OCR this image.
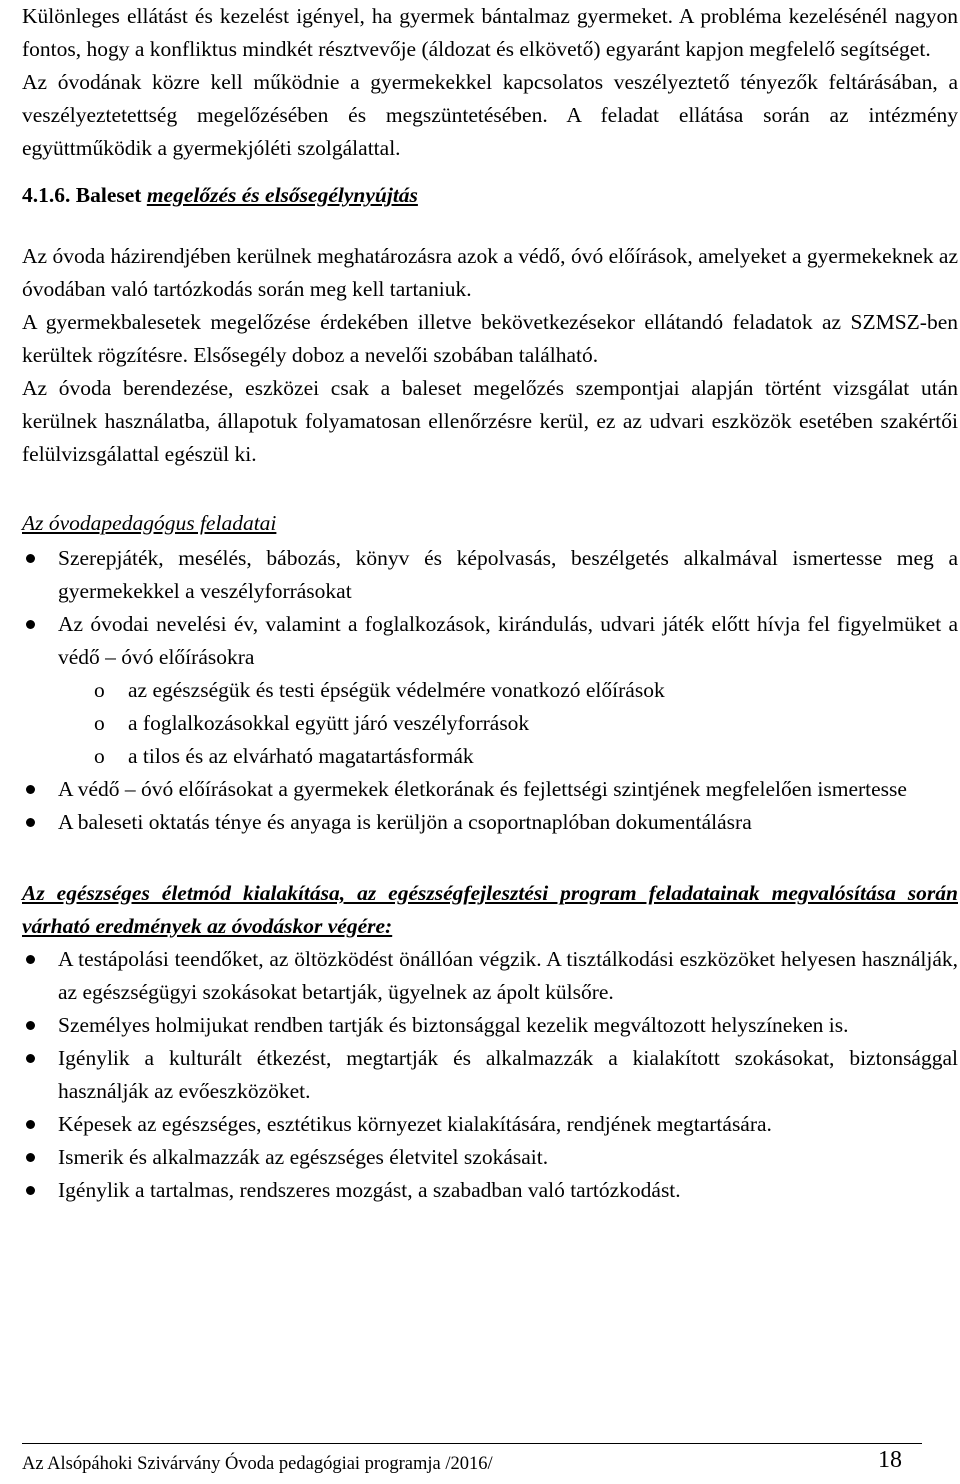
Különleges ellátást és kezelést igényel, ha gyermek bántalmaz gyermeket. A probléma kezelésénél nagyon fontos, hogy a konfliktus mindkét résztvevője (áldozat és elkövető) egyaránt kapjon megfelelő segítséget.

Az óvodának közre kell működnie a gyermekekkel kapcsolatos veszélyeztető tényezők feltárásában, a veszélyeztetettség megelőzésében és megszüntetésében. A feladat ellátása során az intézmény együttműködik a gyermekjóléti szolgálattal.

4.1.6. Baleset megelőzés és elsősegélynyújtás

Az óvoda házirendjében kerülnek meghatározásra azok a védő, óvó előírások, amelyeket a gyermekeknek az óvodában való tartózkodás során meg kell tartaniuk.

A gyermekbalesetek megelőzése érdekében illetve bekövetkezésekor ellátandó feladatok az SZMSZ-ben kerültek rögzítésre. Elsősegély doboz a nevelői szobában található.

Az óvoda berendezése, eszközei csak a baleset megelőzés szempontjai alapján történt vizsgálat után kerülnek használatba, állapotuk folyamatosan ellenőrzésre kerül, ez az udvari eszközök esetében szakértői felülvizsgálattal egészül ki.

Az óvodapedagógus feladatai

Szerepjáték, mesélés, bábozás, könyv és képolvasás, beszélgetés alkalmával ismertesse meg a gyermekekkel a veszélyforrásokat
Az óvodai nevelési év, valamint a foglalkozások, kirándulás, udvari játék előtt hívja fel figyelmüket a védő – óvó előírásokra
o az egészségük és testi épségük védelmére vonatkozó előírások
o a foglalkozásokkal együtt járó veszélyforrások
o a tilos és az elvárható magatartásformák
A védő – óvó előírásokat a gyermekek életkorának és fejlettségi szintjének megfelelően ismertesse
A baleseti oktatás ténye és anyaga is kerüljön a csoportnaplóban dokumentálásra

Az egészséges életmód kialakítása, az egészségfejlesztési program feladatainak megvalósítása során várható eredmények az óvodáskor végére:

A testápolási teendőket, az öltözködést önállóan végzik. A tisztálkodási eszközöket helyesen használják, az egészségügyi szokásokat betartják, ügyelnek az ápolt külsőre.
Személyes holmijukat rendben tartják és biztonsággal kezelik megváltozott helyszíneken is.
Igénylik a kulturált étkezést, megtartják és alkalmazzák a kialakított szokásokat, biztonsággal használják az evőeszközöket.
Képesek az egészséges, esztétikus környezet kialakítására, rendjének megtartására.
Ismerik és alkalmazzák az egészséges életvitel szokásait.
Igénylik a tartalmas, rendszeres mozgást, a szabadban való tartózkodást.
Az Alsópáhoki Szivárvány Óvoda pedagógiai programja /2016/	18
